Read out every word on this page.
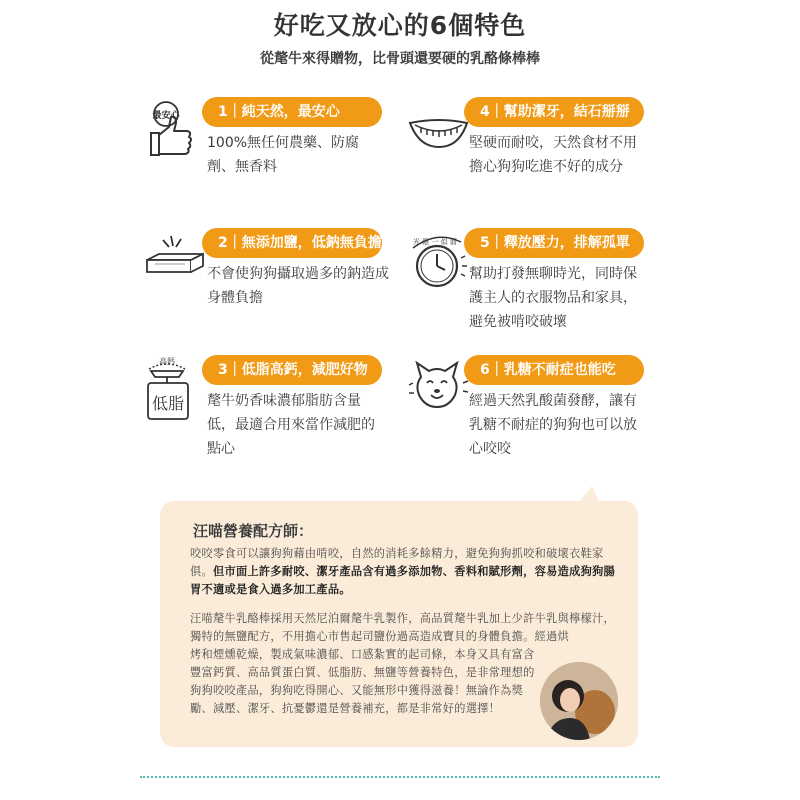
好吃又放心的6個特色
從氂牛來得贈物，比骨頭還要硬的乳酪條棒棒
最安心	1｜純天然，最安心
100%無任何農藥、防腐劑、無香料
2｜無添加鹽，低鈉無負擔
不會使狗狗攝取過多的鈉造成身體負擔
高鈣
低脂
3｜低脂高鈣，減肥好物
氂牛奶香味濃郁脂肪含量低，最適合用來當作減肥的點心
4｜幫助潔牙，結石掰掰
堅硬而耐咬，天然食材不用擔心狗狗吃進不好的成分
光 陰 一 似 箭	5｜釋放壓力，排解孤單
幫助打發無聊時光，同時保護主人的衣服物品和家具，避免被啃咬破壞
6｜乳糖不耐症也能吃
經過天然乳酸菌發酵，讓有乳糖不耐症的狗狗也可以放心咬咬
汪喵營養配方師：
咬咬零食可以讓狗狗藉由啃咬，自然的消耗多餘精力，避免狗狗抓咬和破壞衣鞋家俱。但市面上許多耐咬、潔牙產品含有過多添加物、香料和賦形劑，容易造成狗狗腸胃不適或是食入過多加工產品。
汪喵氂牛乳酪棒採用天然尼泊爾氂牛乳製作，高品質氂牛乳加上少許牛乳與檸檬汁，獨特的無鹽配方，不用擔心市售起司鹽份過高造成寶貝的身體負擔。經過烘
烤和煙燻乾燥，製成氣味濃郁、口感紮實的起司條，本身又具有富含豐富鈣質、高品質蛋白質、低脂肪、無鹽等營養特色，是非常理想的狗狗咬咬產品，狗狗吃得開心、又能無形中獲得滋養！無論作為獎勵、減壓、潔牙、抗憂鬱還是營養補充，都是非常好的選擇！
